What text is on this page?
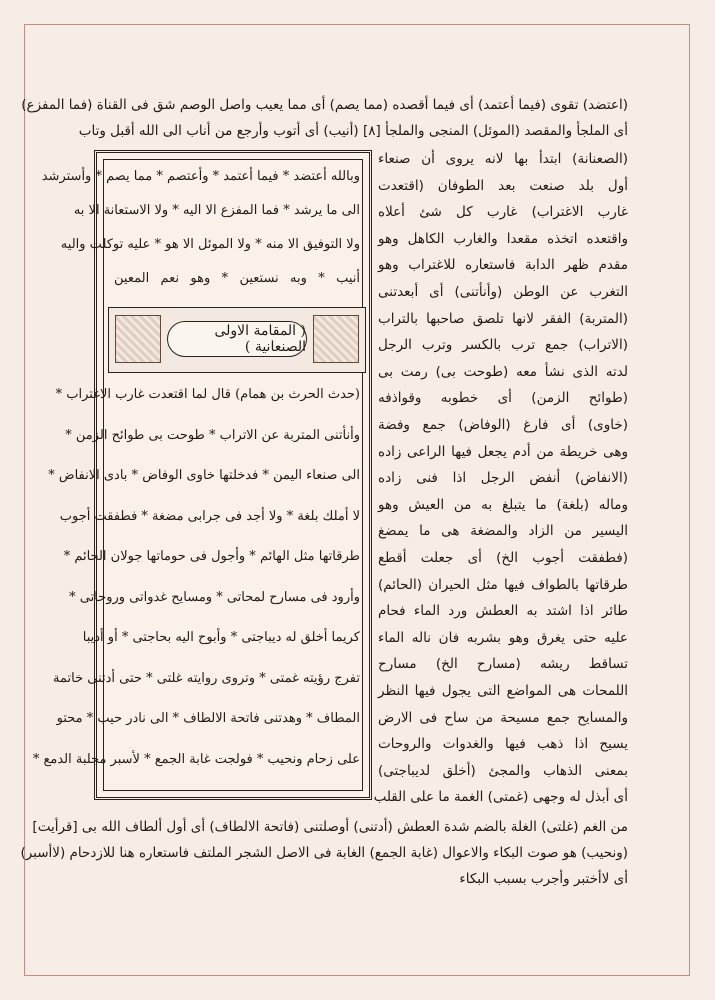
(اعتضد) تقوى (فيما أعتمد) أى فيما أقصده (مما يصم) أى مما يعيب واصل الوصم شق فى القناة (فما المفزع)
أى الملجأ والمقصد (الموئل) المنجى والملجأ [٨] (أنيب) أى أتوب وأرجع من أناب الى الله أقبل وتاب
(الصعنانة) ابتدأ بها لانه يروى أن صنعاء
أول بلد صنعت بعد الطوفان (اقتعدت
غارب الاغتراب) غارب كل شئ أعلاه
واقتعده اتخذه مقعدا والغارب الكاهل وهو
مقدم ظهر الدابة فاستعاره للاغتراب وهو
التغرب عن الوطن (وأنأتنى) أى أبعدتنى
(المتربة) الفقر لانها تلصق صاحبها بالتراب
(الاتراب) جمع ترب بالكسر وترب الرجل
لدته الذى نشأ معه (طوحت بى) رمت بى
(طوائح الزمن) أى خطوبه وقواذفه
(خاوى) أى فارغ (الوفاض) جمع وفضة
وهى خريطة من أدم يجعل فيها الراعى زاده
(الانفاض) أنفض الرجل اذا فنى زاده
وماله (بلغة) ما يتبلغ به من العيش وهو
اليسير من الزاد والمضغة هى ما يمضغ
(فطفقت أجوب الخ) أى جعلت أقطع
طرقاتها بالطواف فيها مثل الحيران (الحائم)
طائر اذا اشتد به العطش ورد الماء فحام
عليه حتى يغرق وهو بشربه فان ناله الماء
تساقط ريشه (مسارح الخ) مسارح
اللمحات هى المواضع التى يجول فيها النظر
والمسايح جمع مسيحة من ساح فى الارض
يسيح اذا ذهب فيها والغدوات والروحات
بمعنى الذهاب والمجئ (أخلق لديباجتى)
أى أبذل له وجهى (غمتى) الغمة ما على القلب
وبالله أعتضد * فيما أعتمد * وأعتصم * مما يصم * وأسترشد
الى ما يرشد * فما المفزع الا اليه * ولا الاستعانة الا به
ولا التوفيق الا منه * ولا الموئل الا هو * عليه توكلت واليه
أنيب * وبه نستعين * وهو نعم المعين
( المقامة الاولى الصنعانية )
(حدث الحرث بن همام) قال لما اقتعدت غارب الاغتراب *
وأنأتنى المتربة عن الاتراب * طوحت بى طوائح الزمن *
الى صنعاء اليمن * فدخلتها خاوى الوفاض * بادى الانفاض *
لا أملك بلغة * ولا أجد فى جرابى مضغة * فطفقت أجوب
طرقاتها مثل الهائم * وأجول فى حوماتها جولان الحائم *
وأرود فى مسارح لمحاتى * ومسايح غدواتى وروحاتى *
كريما أخلق له ديباجتى * وأبوح اليه بحاجتى * أو أديبا
تفرج رؤيته غمتى * وتروى روايته غلتى * حتى أدتنى خاتمة
المطاف * وهدتنى فاتحة الالطاف * الى نادر حيب * محتو
على زحام ونحيب * فولجت غابة الجمع * لأسبر مجلبة الدمع *
من الغم (غلتى) الغلة بالضم شدة العطش (أدتنى) أوصلتنى (فاتحة الالطاف) أى أول ألطاف الله بى [قرأيت]
(ونحيب) هو صوت البكاء والاعوال (غابة الجمع) الغابة فى الاصل الشجر الملتف فاستعاره هنا للازدحام (لاأسبر)
أى لاأختبر وأجرب بسبب البكاء
